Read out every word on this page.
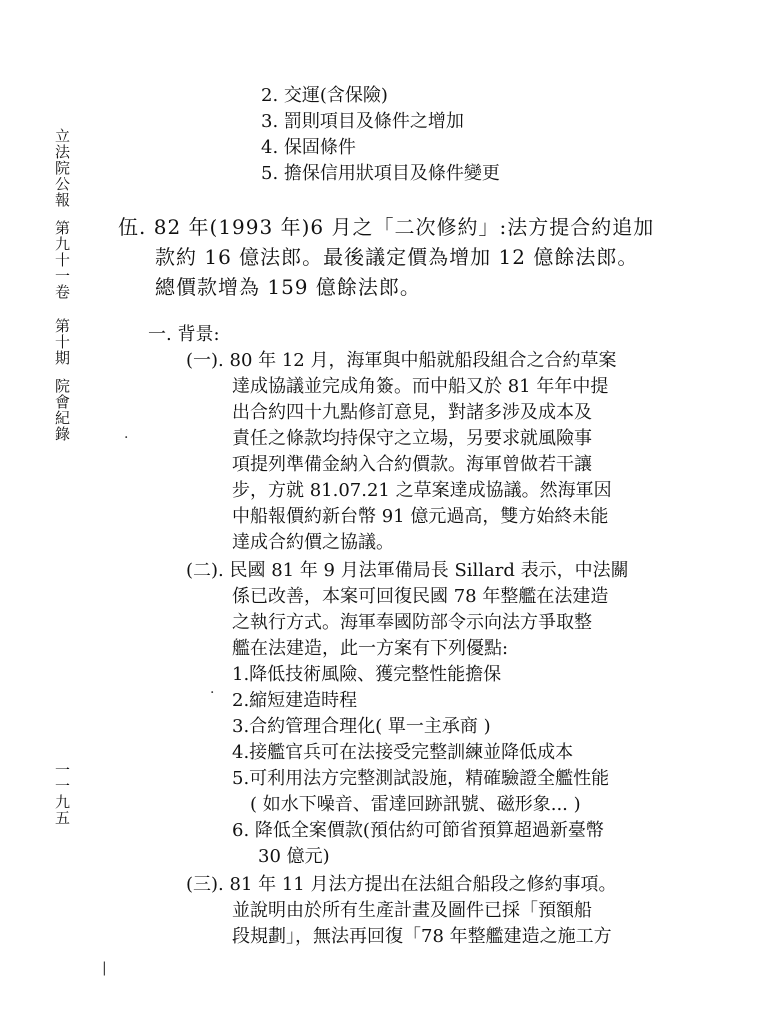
立法院公報
第九十一卷
第十期
院會紀錄
一一九五
·
·
|
2. 交運(含保險)
3. 罰則項目及條件之增加
4. 保固條件
5. 擔保信用狀項目及條件變更
伍. 82 年(1993 年)6 月之「二次修約」:法方提合約追加
款約 16 億法郎。最後議定價為增加 12 億餘法郎。
總價款增為 159 億餘法郎。
一. 背景:
(一). 80 年 12 月，海軍與中船就船段組合之合約草案
達成協議並完成角簽。而中船又於 81 年年中提
出合約四十九點修訂意見，對諸多涉及成本及
責任之條款均持保守之立場，另要求就風險事
項提列準備金納入合約價款。海軍曾做若干讓
步，方就 81.07.21 之草案達成協議。然海軍因
中船報價約新台幣 91 億元過高，雙方始終未能
達成合約價之協議。
(二). 民國 81 年 9 月法軍備局長 Sillard 表示，中法關
係已改善，本案可回復民國 78 年整艦在法建造
之執行方式。海軍奉國防部令示向法方爭取整
艦在法建造，此一方案有下列優點:
1.降低技術風險、獲完整性能擔保
2.縮短建造時程
3.合約管理合理化( 單一主承商 )
4.接艦官兵可在法接受完整訓練並降低成本
5.可利用法方完整測試設施，精確驗證全艦性能
( 如水下噪音、雷達回跡訊號、磁形象... )
6. 降低全案價款(預估約可節省預算超過新臺幣
30 億元)
(三). 81 年 11 月法方提出在法組合船段之修約事項。
並說明由於所有生產計畫及圖件已採「預額船
段規劃」，無法再回復「78 年整艦建造之施工方
